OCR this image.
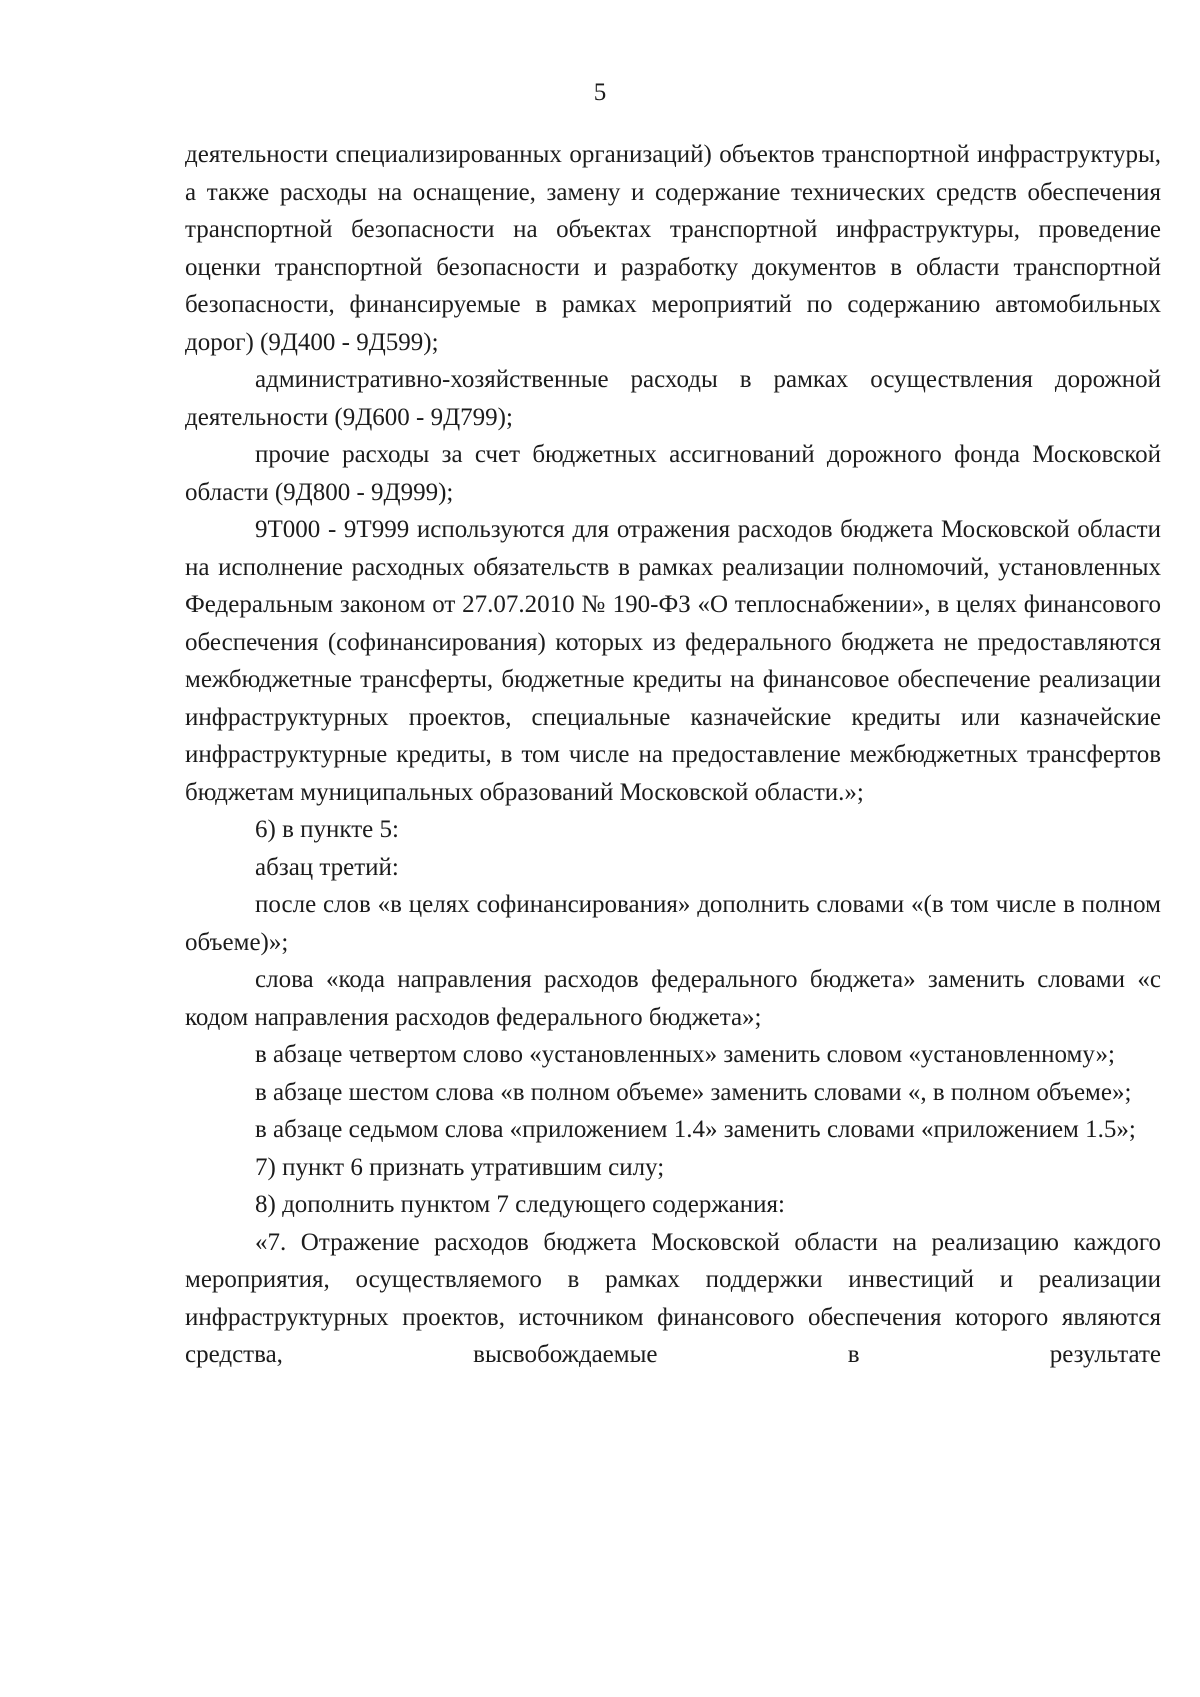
5

деятельности специализированных организаций) объектов транспортной инфраструктуры, а также расходы на оснащение, замену и содержание технических средств обеспечения транспортной безопасности на объектах транспортной инфраструктуры, проведение оценки транспортной безопасности и разработку документов в области транспортной безопасности, финансируемые в рамках мероприятий по содержанию автомобильных дорог) (9Д400 - 9Д599);

административно-хозяйственные расходы в рамках осуществления дорожной деятельности (9Д600 - 9Д799);

прочие расходы за счет бюджетных ассигнований дорожного фонда Московской области (9Д800 - 9Д999);

9Т000 - 9Т999 используются для отражения расходов бюджета Московской области на исполнение расходных обязательств в рамках реализации полномочий, установленных Федеральным законом от 27.07.2010 № 190-ФЗ «О теплоснабжении», в целях финансового обеспечения (софинансирования) которых из федерального бюджета не предоставляются межбюджетные трансферты, бюджетные кредиты на финансовое обеспечение реализации инфраструктурных проектов, специальные казначейские кредиты или казначейские инфраструктурные кредиты, в том числе на предоставление межбюджетных трансфертов бюджетам муниципальных образований Московской области.»;

6) в пункте 5:

абзац третий:

после слов «в целях софинансирования» дополнить словами «(в том числе в полном объеме)»;

слова «кода направления расходов федерального бюджета» заменить словами «с кодом направления расходов федерального бюджета»;

в абзаце четвертом слово «установленных» заменить словом «установленному»;

в абзаце шестом слова «в полном объеме» заменить словами «, в полном объеме»;

в абзаце седьмом слова «приложением 1.4» заменить словами «приложением 1.5»;

7) пункт 6 признать утратившим силу;

8) дополнить пунктом 7 следующего содержания:

«7. Отражение расходов бюджета Московской области на реализацию каждого мероприятия, осуществляемого в рамках поддержки инвестиций и реализации инфраструктурных проектов, источником финансового обеспечения которого являются средства, высвобождаемые в результате
